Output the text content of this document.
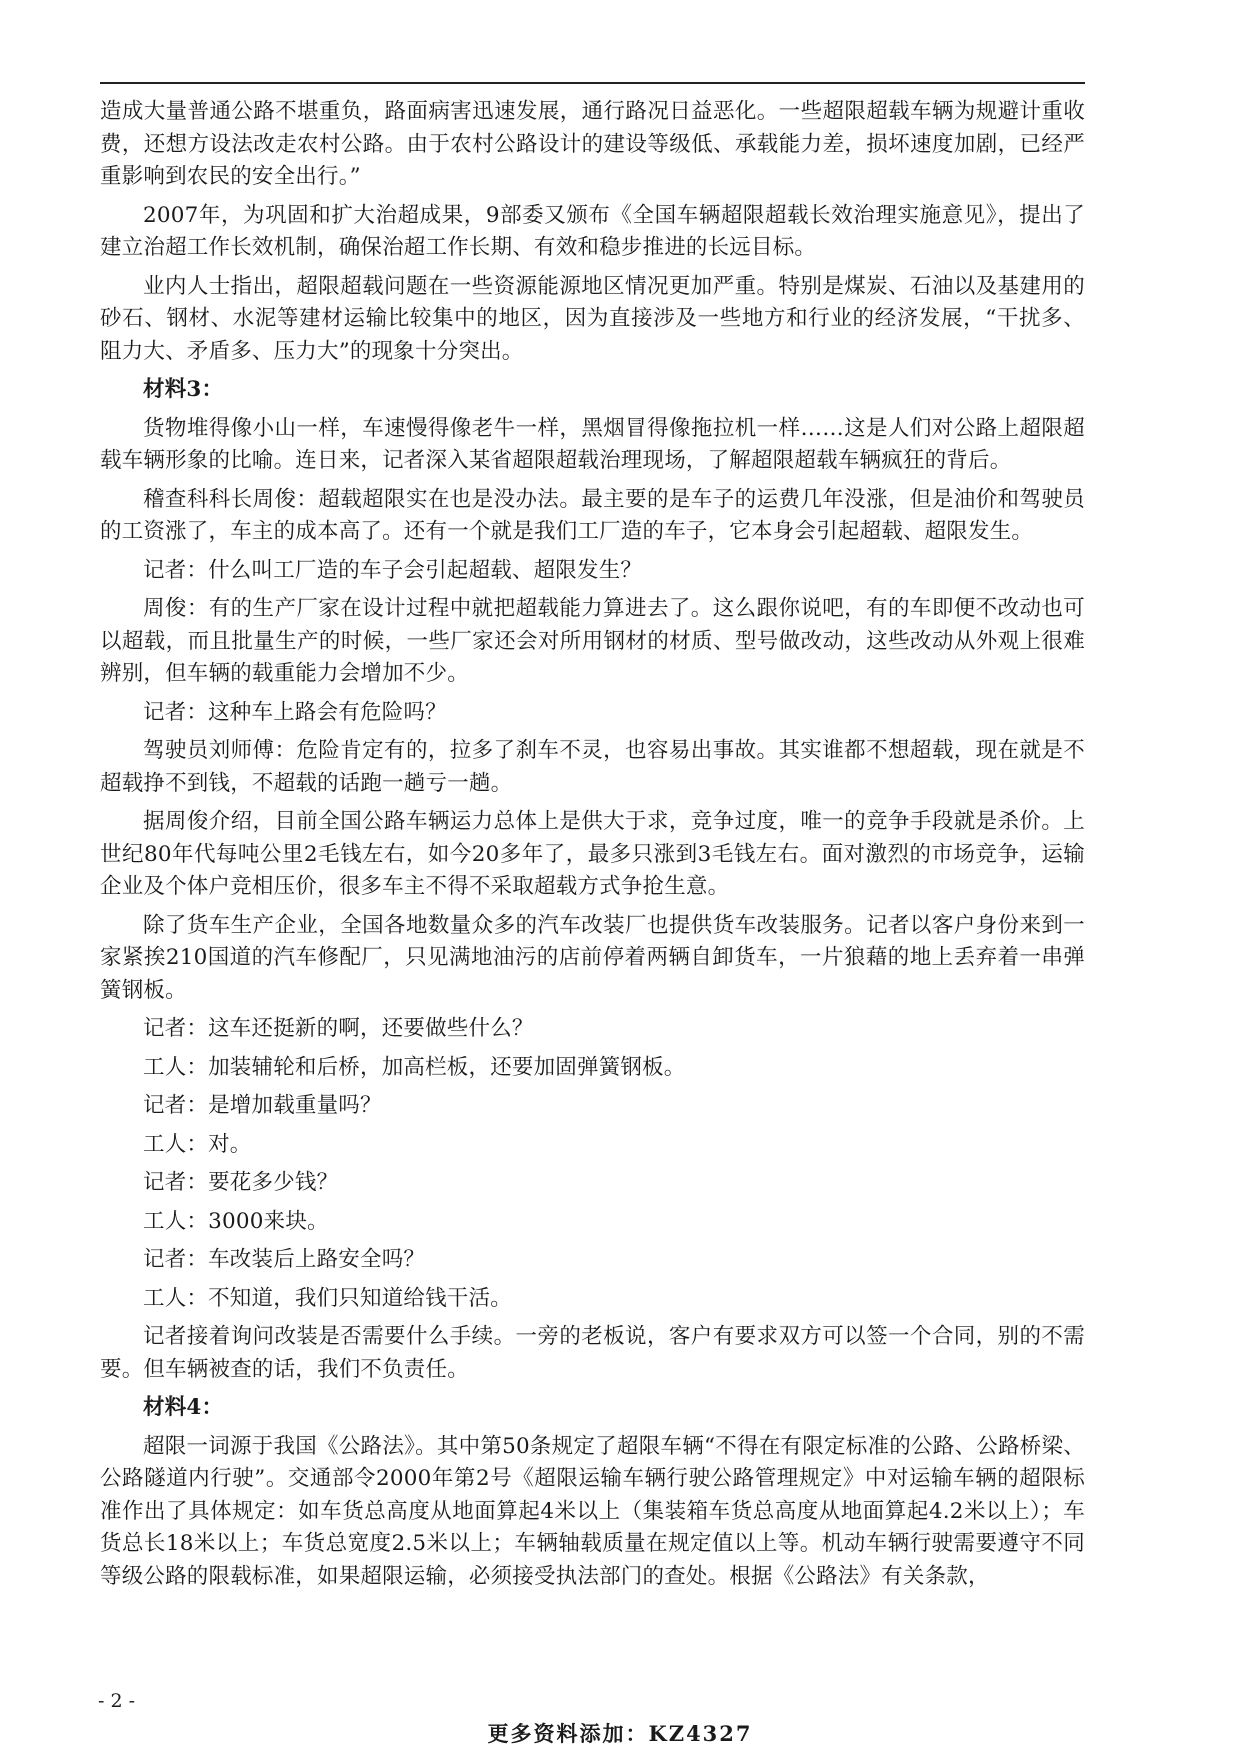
造成大量普通公路不堪重负，路面病害迅速发展，通行路况日益恶化。一些超限超载车辆为规避计重收费，还想方设法改走农村公路。由于农村公路设计的建设等级低、承载能力差，损坏速度加剧，已经严重影响到农民的安全出行。”

2007年，为巩固和扩大治超成果，9部委又颁布《全国车辆超限超载长效治理实施意见》，提出了建立治超工作长效机制，确保治超工作长期、有效和稳步推进的长远目标。

业内人士指出，超限超载问题在一些资源能源地区情况更加严重。特别是煤炭、石油以及基建用的砂石、钢材、水泥等建材运输比较集中的地区，因为直接涉及一些地方和行业的经济发展，“干扰多、阻力大、矛盾多、压力大”的现象十分突出。

材料3：

货物堆得像小山一样，车速慢得像老牛一样，黑烟冒得像拖拉机一样……这是人们对公路上超限超载车辆形象的比喻。连日来，记者深入某省超限超载治理现场，了解超限超载车辆疯狂的背后。

稽查科科长周俊：超载超限实在也是没办法。最主要的是车子的运费几年没涨，但是油价和驾驶员的工资涨了，车主的成本高了。还有一个就是我们工厂造的车子，它本身会引起超载、超限发生。

记者：什么叫工厂造的车子会引起超载、超限发生？

周俊：有的生产厂家在设计过程中就把超载能力算进去了。这么跟你说吧，有的车即便不改动也可以超载，而且批量生产的时候，一些厂家还会对所用钢材的材质、型号做改动，这些改动从外观上很难辨别，但车辆的载重能力会增加不少。

记者：这种车上路会有危险吗？

驾驶员刘师傅：危险肯定有的，拉多了刹车不灵，也容易出事故。其实谁都不想超载，现在就是不超载挣不到钱，不超载的话跑一趟亏一趟。

据周俊介绍，目前全国公路车辆运力总体上是供大于求，竞争过度，唯一的竞争手段就是杀价。上世纪80年代每吨公里2毛钱左右，如今20多年了，最多只涨到3毛钱左右。面对激烈的市场竞争，运输企业及个体户竞相压价，很多车主不得不采取超载方式争抢生意。

除了货车生产企业，全国各地数量众多的汽车改装厂也提供货车改装服务。记者以客户身份来到一家紧挨210国道的汽车修配厂，只见满地油污的店前停着两辆自卸货车，一片狼藉的地上丢弃着一串弹簧钢板。

记者：这车还挺新的啊，还要做些什么？

工人：加装辅轮和后桥，加高栏板，还要加固弹簧钢板。

记者：是增加载重量吗？

工人：对。

记者：要花多少钱？

工人：3000来块。

记者：车改装后上路安全吗？

工人：不知道，我们只知道给钱干活。

记者接着询问改装是否需要什么手续。一旁的老板说，客户有要求双方可以签一个合同，别的不需要。但车辆被查的话，我们不负责任。

材料4：

超限一词源于我国《公路法》。其中第50条规定了超限车辆“不得在有限定标准的公路、公路桥梁、公路隧道内行驶”。交通部令2000年第2号《超限运输车辆行驶公路管理规定》中对运输车辆的超限标准作出了具体规定：如车货总高度从地面算起4米以上（集装箱车货总高度从地面算起4.2米以上）；车货总长18米以上；车货总宽度2.5米以上；车辆轴载质量在规定值以上等。机动车辆行驶需要遵守不同等级公路的限载标准，如果超限运输，必须接受执法部门的查处。根据《公路法》有关条款，

- 2 -
更多资料添加：KZ4327
